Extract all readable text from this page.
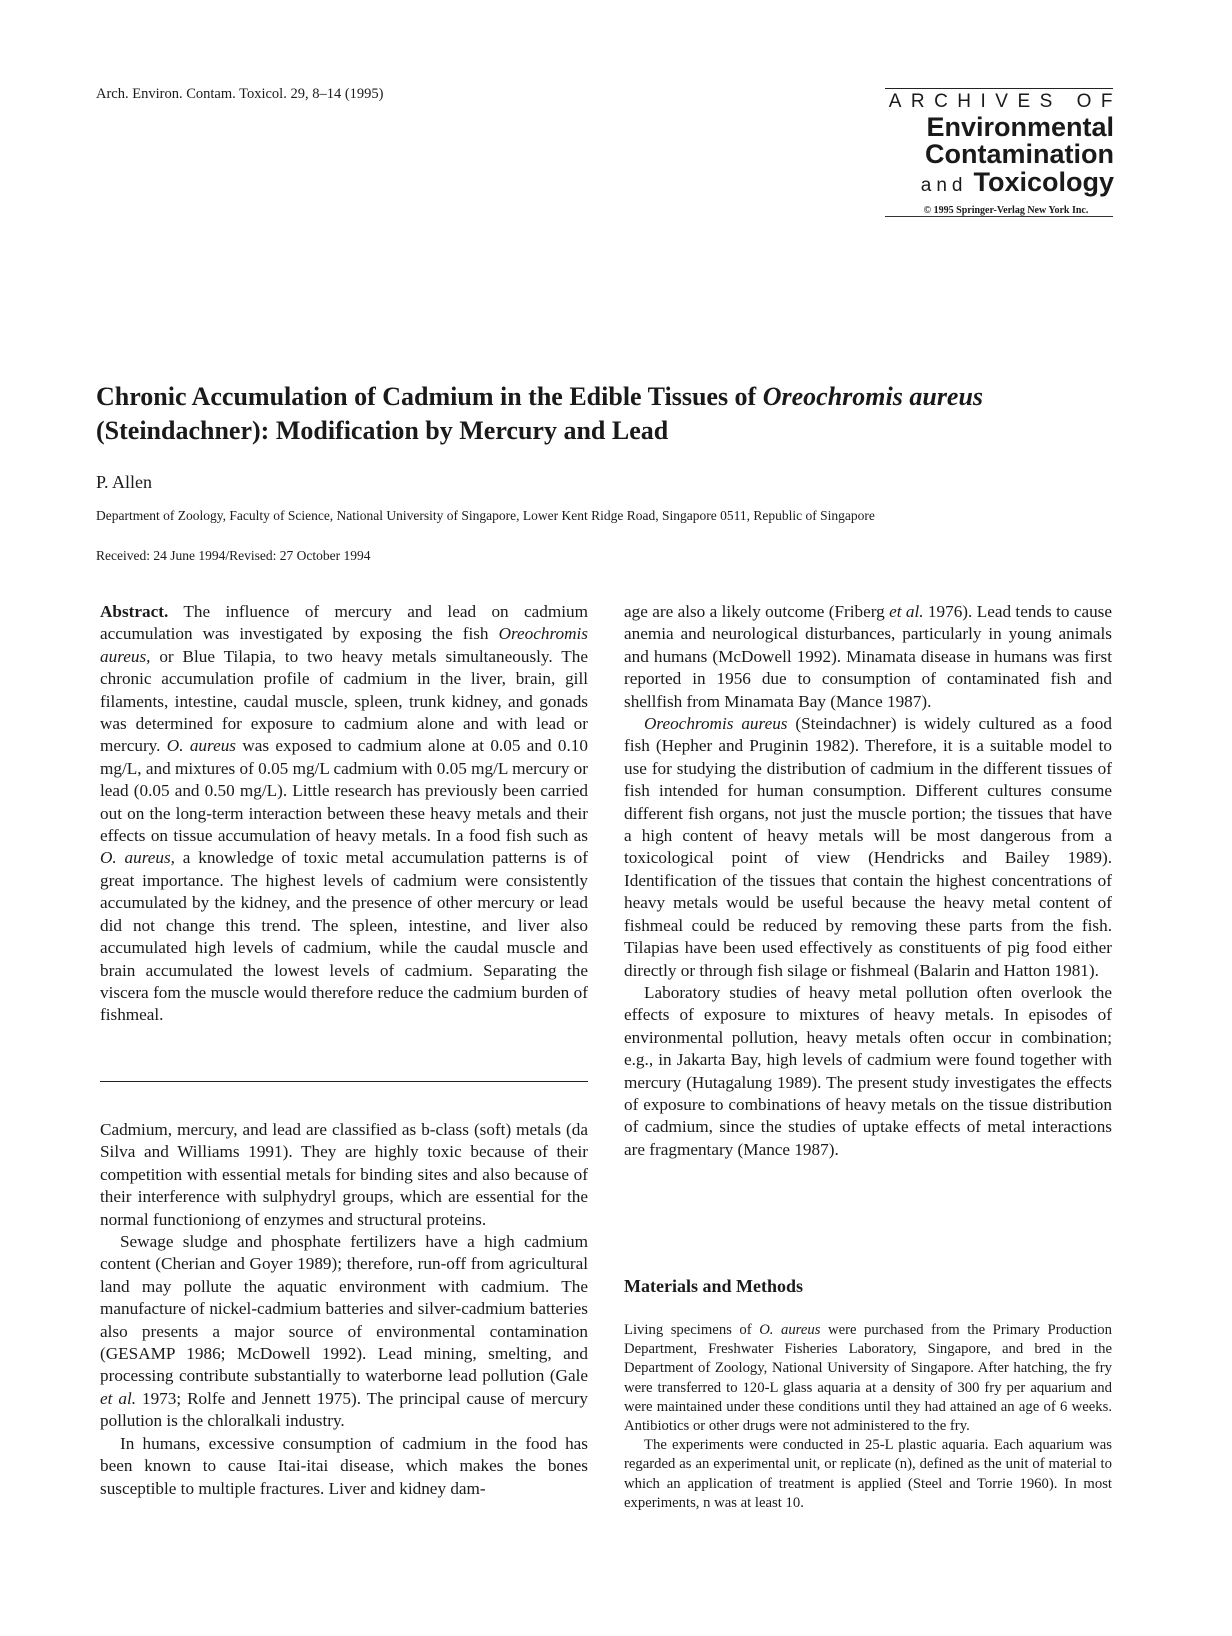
Arch. Environ. Contam. Toxicol. 29, 8–14 (1995)	ARCHIVES OF
Environmental
Contamination
and Toxicology
© 1995 Springer-Verlag New York Inc.
Chronic Accumulation of Cadmium in the Edible Tissues of Oreochromis aureus
(Steindachner): Modification by Mercury and Lead
P. Allen
Department of Zoology, Faculty of Science, National University of Singapore, Lower Kent Ridge Road, Singapore 0511, Republic of Singapore
Received: 24 June 1994/Revised: 27 October 1994

Abstract. The influence of mercury and lead on cadmium accumulation was investigated by exposing the fish Oreochromis aureus, or Blue Tilapia, to two heavy metals simultaneously. The chronic accumulation profile of cadmium in the liver, brain, gill filaments, intestine, caudal muscle, spleen, trunk kidney, and gonads was determined for exposure to cadmium alone and with lead or mercury. O. aureus was exposed to cadmium alone at 0.05 and 0.10 mg/L, and mixtures of 0.05 mg/L cadmium with 0.05 mg/L mercury or lead (0.05 and 0.50 mg/L). Little research has previously been carried out on the long-term interaction between these heavy metals and their effects on tissue accumulation of heavy metals. In a food fish such as O. aureus, a knowledge of toxic metal accumulation patterns is of great importance. The highest levels of cadmium were consistently accumulated by the kidney, and the presence of other mercury or lead did not change this trend. The spleen, intestine, and liver also accumulated high levels of cadmium, while the caudal muscle and brain accumulated the lowest levels of cadmium. Separating the viscera fom the muscle would therefore reduce the cadmium burden of fishmeal.

Cadmium, mercury, and lead are classified as b-class (soft) metals (da Silva and Williams 1991). They are highly toxic because of their competition with essential metals for binding sites and also because of their interference with sulphydryl groups, which are essential for the normal functioniong of enzymes and structural proteins.

Sewage sludge and phosphate fertilizers have a high cadmium content (Cherian and Goyer 1989); therefore, run-off from agricultural land may pollute the aquatic environment with cadmium. The manufacture of nickel-cadmium batteries and silver-cadmium batteries also presents a major source of environmental contamination (GESAMP 1986; McDowell 1992). Lead mining, smelting, and processing contribute substantially to waterborne lead pollution (Gale et al. 1973; Rolfe and Jennett 1975). The principal cause of mercury pollution is the chloralkali industry.

In humans, excessive consumption of cadmium in the food has been known to cause Itai-itai disease, which makes the bones susceptible to multiple fractures. Liver and kidney dam-

age are also a likely outcome (Friberg et al. 1976). Lead tends to cause anemia and neurological disturbances, particularly in young animals and humans (McDowell 1992). Minamata disease in humans was first reported in 1956 due to consumption of contaminated fish and shellfish from Minamata Bay (Mance 1987).

Oreochromis aureus (Steindachner) is widely cultured as a food fish (Hepher and Pruginin 1982). Therefore, it is a suitable model to use for studying the distribution of cadmium in the different tissues of fish intended for human consumption. Different cultures consume different fish organs, not just the muscle portion; the tissues that have a high content of heavy metals will be most dangerous from a toxicological point of view (Hendricks and Bailey 1989). Identification of the tissues that contain the highest concentrations of heavy metals would be useful because the heavy metal content of fishmeal could be reduced by removing these parts from the fish. Tilapias have been used effectively as constituents of pig food either directly or through fish silage or fishmeal (Balarin and Hatton 1981).

Laboratory studies of heavy metal pollution often overlook the effects of exposure to mixtures of heavy metals. In episodes of environmental pollution, heavy metals often occur in combination; e.g., in Jakarta Bay, high levels of cadmium were found together with mercury (Hutagalung 1989). The present study investigates the effects of exposure to combinations of heavy metals on the tissue distribution of cadmium, since the studies of uptake effects of metal interactions are fragmentary (Mance 1987).

Materials and Methods

Living specimens of O. aureus were purchased from the Primary Production Department, Freshwater Fisheries Laboratory, Singapore, and bred in the Department of Zoology, National University of Singapore. After hatching, the fry were transferred to 120-L glass aquaria at a density of 300 fry per aquarium and were maintained under these conditions until they had attained an age of 6 weeks. Antibiotics or other drugs were not administered to the fry.

The experiments were conducted in 25-L plastic aquaria. Each aquarium was regarded as an experimental unit, or replicate (n), defined as the unit of material to which an application of treatment is applied (Steel and Torrie 1960). In most experiments, n was at least 10.
